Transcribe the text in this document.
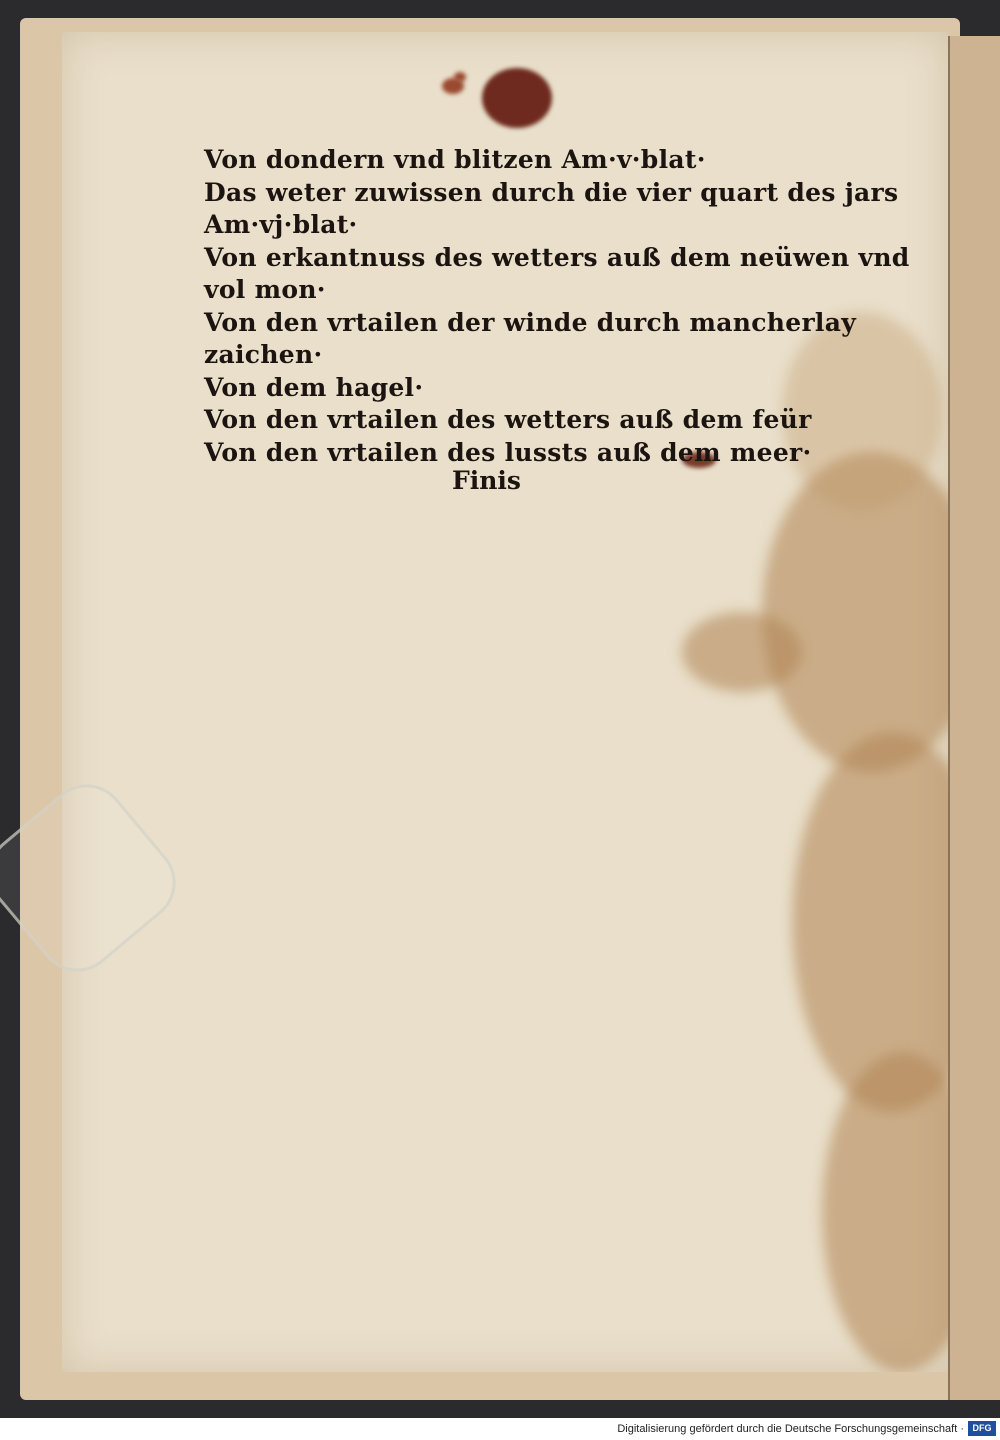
Von dondern vnd blitzen Am·v·blat·
Das weter zuwissen durch die vier quart des jars
Am·vj·blat·
Von erkantnuss des wetters auß dem neüwen vnd
vol mon·
Von den vrtailen der winde durch mancherlay
zaichen·
Von dem hagel·
Von den vrtailen des wetters auß dem feür
Von den vrtailen des lussts auß dem meer·
Finis
Digitalisierung gefördert durch die Deutsche Forschungsgemeinschaft · DFG
